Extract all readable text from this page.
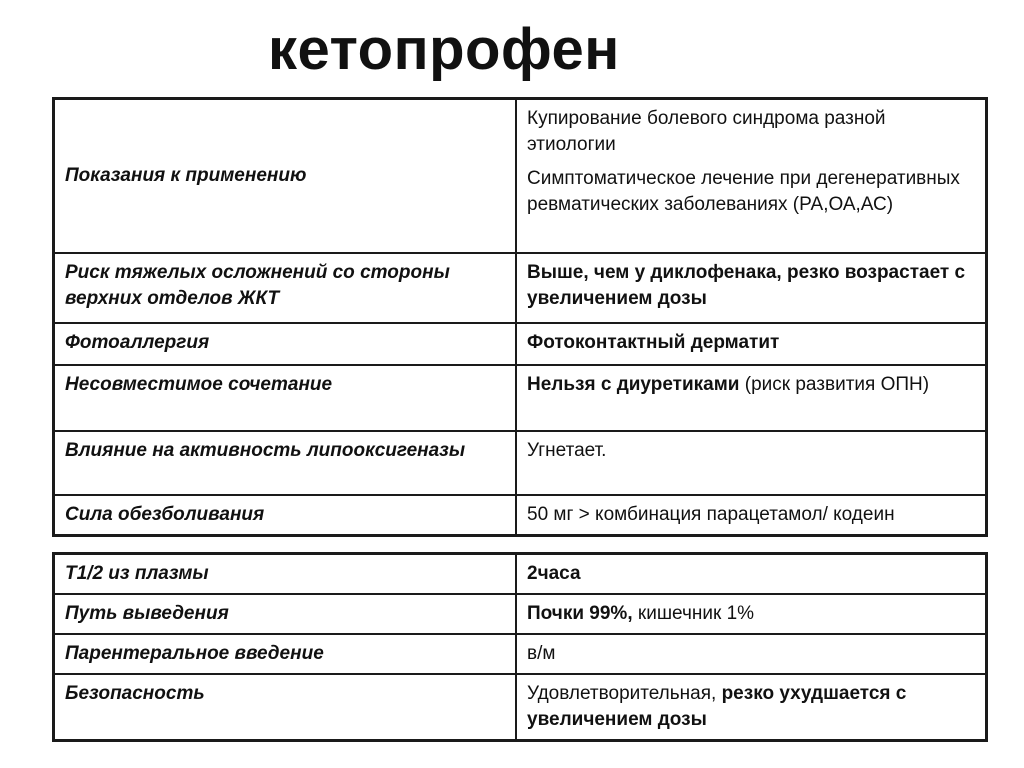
кетопрофен
Показания к применению	Купирование болевого синдрома разной этиологии
Симптоматическое лечение при дегенеративных ревматических заболеваниях (РА,ОА,АС)

Риск тяжелых осложнений со стороны верхних отделов ЖКТ	Выше, чем у диклофенака, резко возрастает с увеличением дозы
Фотоаллергия	Фотоконтактный дерматит
Несовместимое сочетание	Нельзя с диуретиками (риск развития ОПН)
Влияние на активность липооксигеназы	Угнетает.
Сила обезболивания	50 мг > комбинация парацетамол/ кодеин
Т1/2 из плазмы	2часа
Путь выведения	Почки 99%, кишечник 1%
Парентеральное введение	в/м
Безопасность	Удовлетворительная, резко ухудшается с увеличением дозы
